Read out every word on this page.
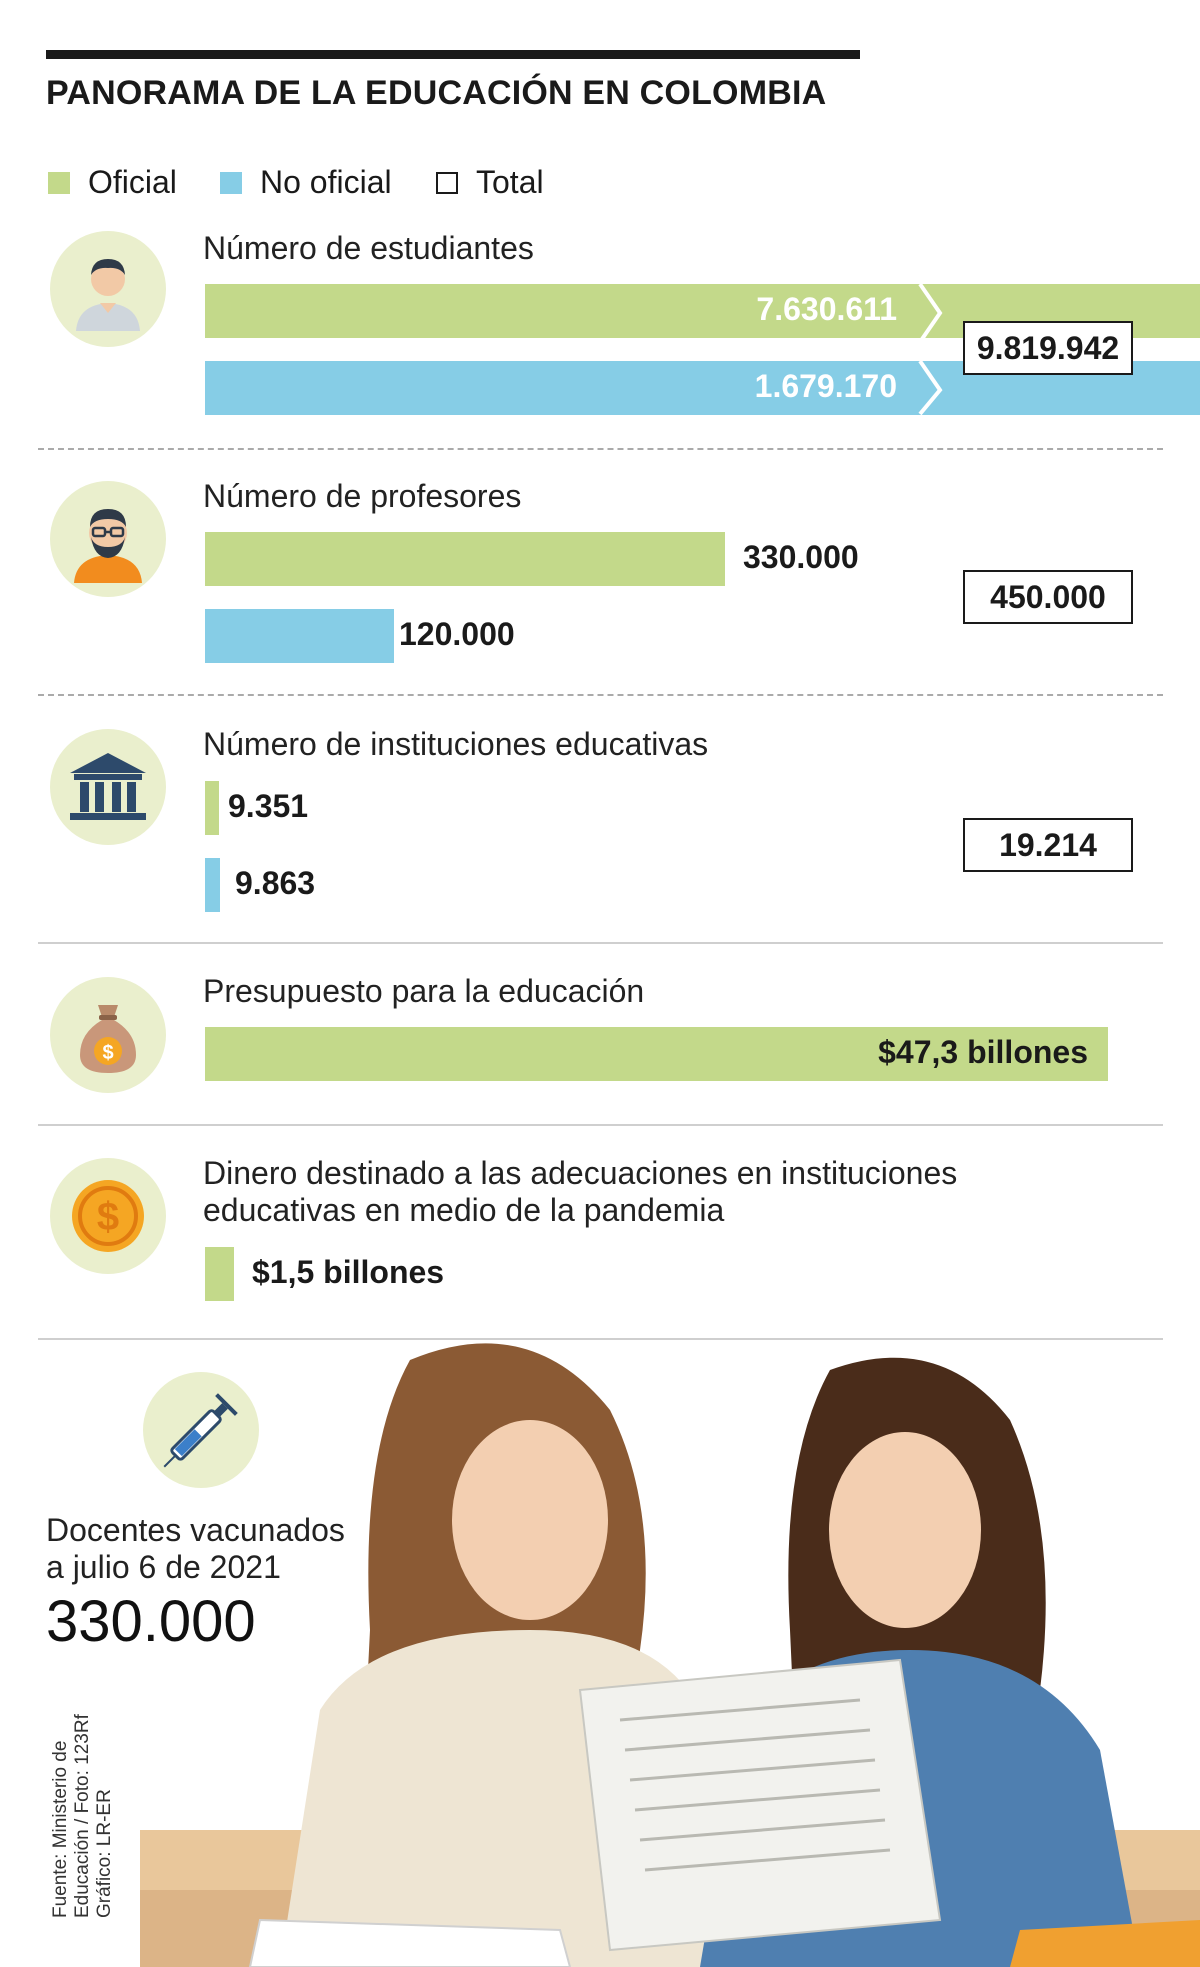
PANORAMA DE LA EDUCACIÓN EN COLOMBIA
Oficial	No oficial	Total
Número de estudiantes
7.630.611
1.679.170
9.819.942
Número de profesores
330.000
120.000
450.000
Número de instituciones educativas
9.351
9.863
19.214
$
Presupuesto para la educación
$47,3 billones
$
Dinero destinado a las adecuaciones en instituciones
educativas en medio de la pandemia
$1,5 billones
Docentes vacunados
a julio 6 de 2021
330.000
Fuente: Ministerio de Educación / Foto: 123Rf Gráfico: LR-ER
